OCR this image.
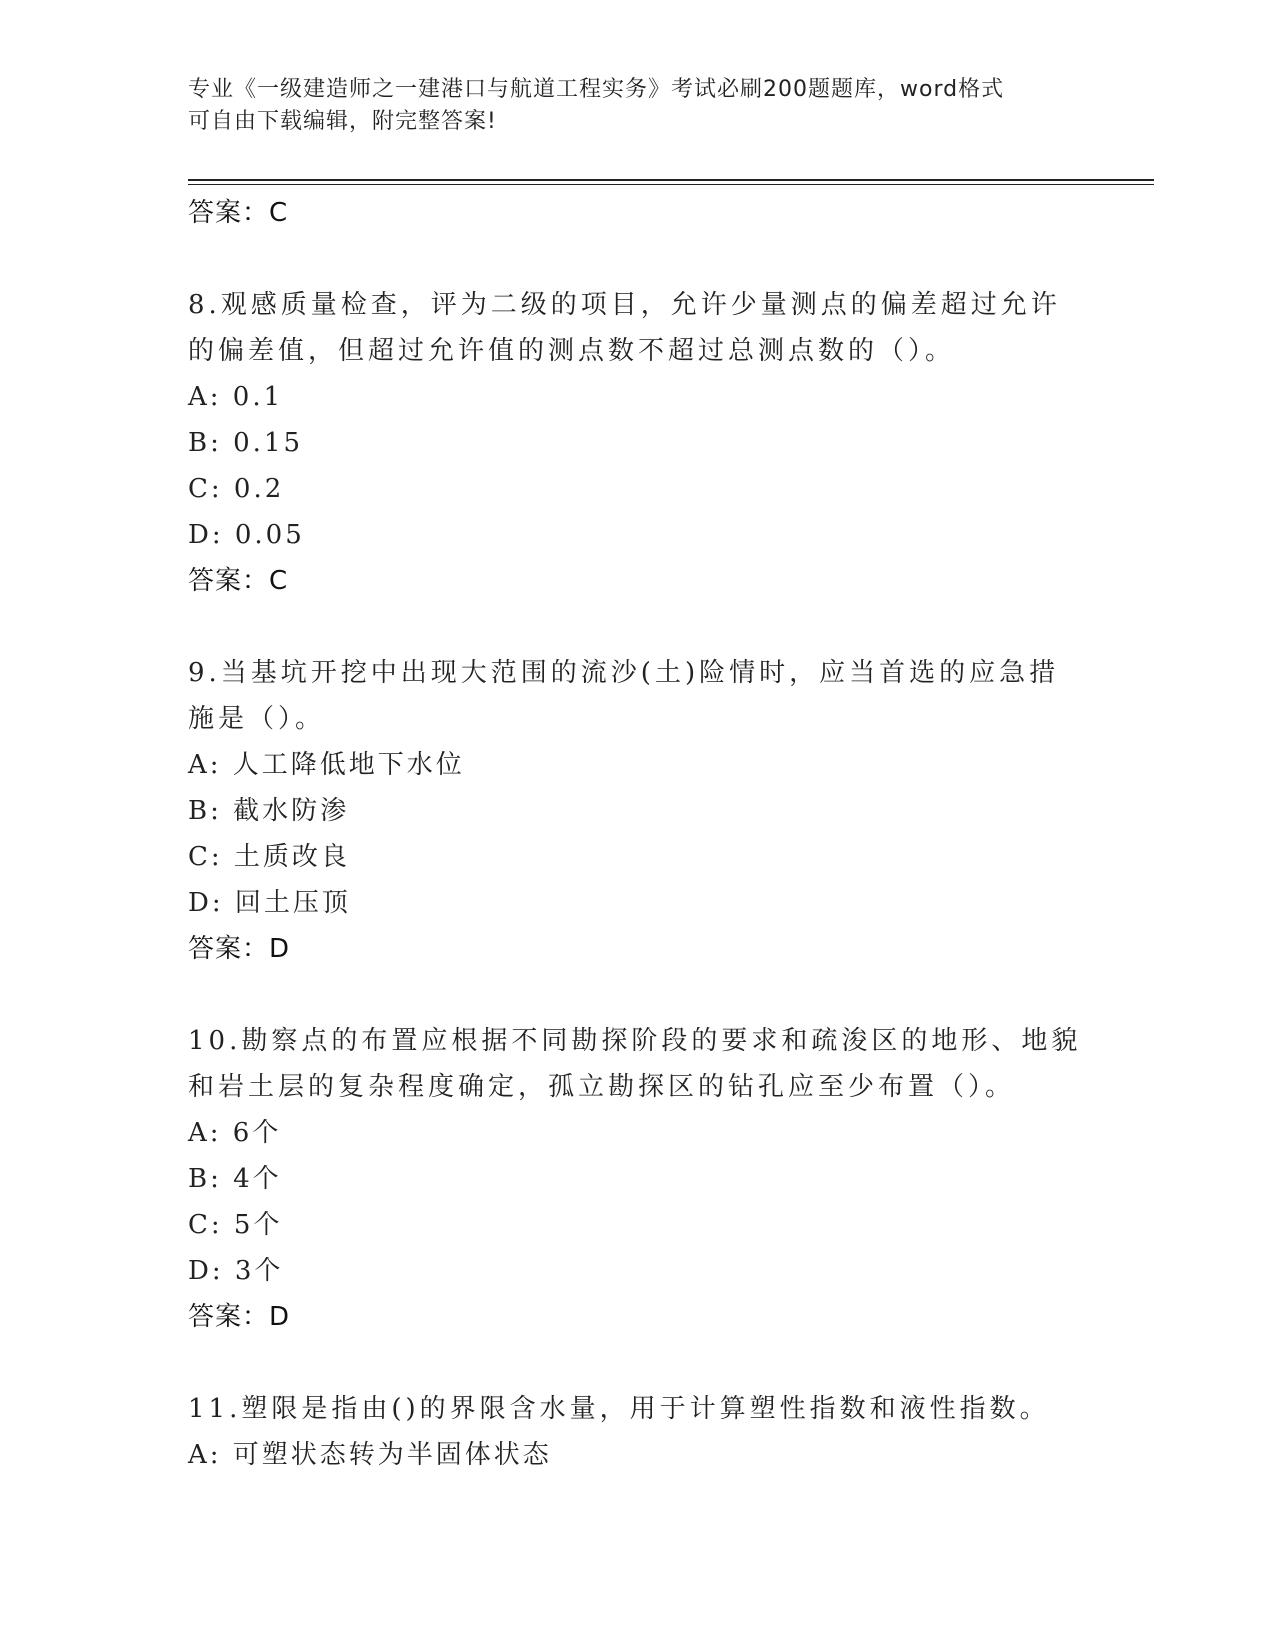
专业《一级建造师之一建港口与航道工程实务》考试必刷200题题库，word格式
可自由下载编辑，附完整答案!
答案：C
8.观感质量检查，评为二级的项目，允许少量测点的偏差超过允许的偏差值，但超过允许值的测点数不超过总测点数的（）。
A: 0.1
B: 0.15
C: 0.2
D: 0.05
答案：C
9.当基坑开挖中出现大范围的流沙(土)险情时，应当首选的应急措施是（）。
A: 人工降低地下水位
B: 截水防渗
C: 土质改良
D: 回土压顶
答案：D
10.勘察点的布置应根据不同勘探阶段的要求和疏浚区的地形、地貌和岩土层的复杂程度确定，孤立勘探区的钻孔应至少布置（）。
A: 6个
B: 4个
C: 5个
D: 3个
答案：D
11.塑限是指由()的界限含水量，用于计算塑性指数和液性指数。
A: 可塑状态转为半固体状态
